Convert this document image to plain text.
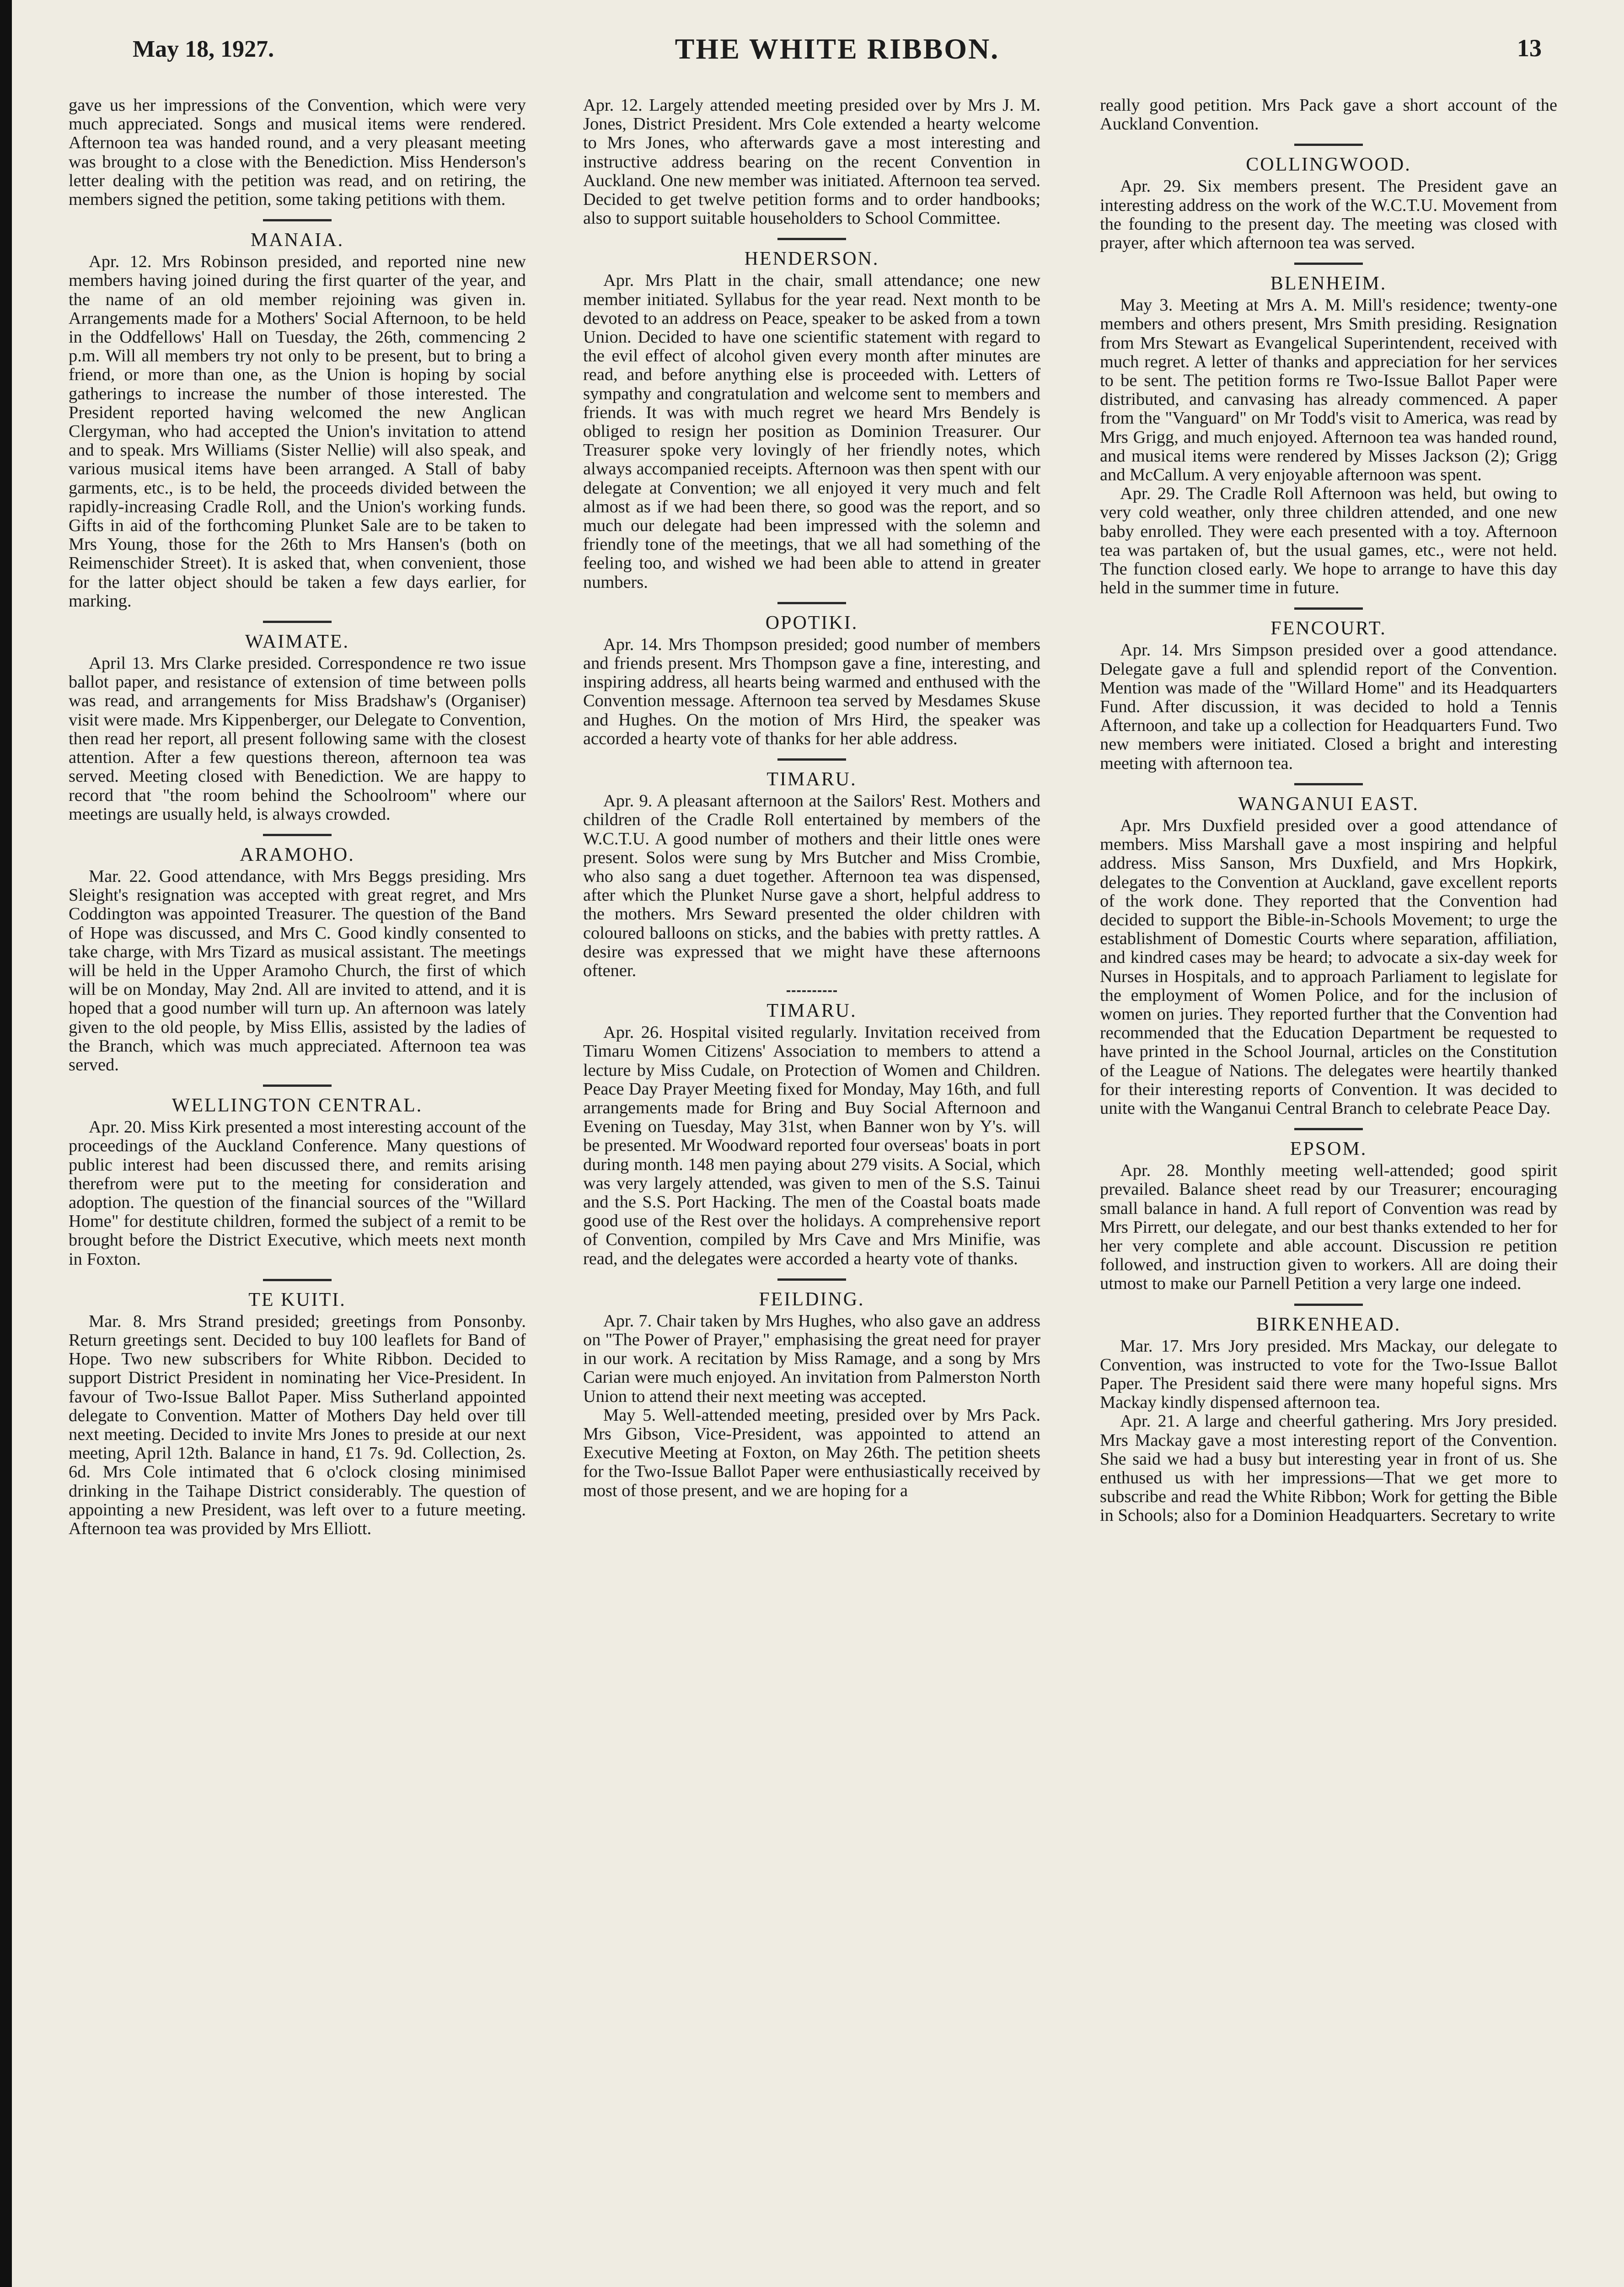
May 18, 1927.	THE WHITE RIBBON.	13

gave us her impressions of the Convention, which were very much appreciated. Songs and musical items were rendered. Afternoon tea was handed round, and a very pleasant meeting was brought to a close with the Benediction. Miss Henderson's letter dealing with the petition was read, and on retiring, the members signed the petition, some taking petitions with them.

MANAIA.

Apr. 12. Mrs Robinson presided, and reported nine new members having joined during the first quarter of the year, and the name of an old member rejoining was given in. Arrangements made for a Mothers' Social Afternoon, to be held in the Oddfellows' Hall on Tuesday, the 26th, commencing 2 p.m. Will all members try not only to be present, but to bring a friend, or more than one, as the Union is hoping by social gatherings to increase the number of those interested. The President reported having welcomed the new Anglican Clergyman, who had accepted the Union's invitation to attend and to speak. Mrs Williams (Sister Nellie) will also speak, and various musical items have been arranged. A Stall of baby garments, etc., is to be held, the proceeds divided between the rapidly-increasing Cradle Roll, and the Union's working funds. Gifts in aid of the forthcoming Plunket Sale are to be taken to Mrs Young, those for the 26th to Mrs Hansen's (both on Reimenschider Street). It is asked that, when convenient, those for the latter object should be taken a few days earlier, for marking.

WAIMATE.

April 13. Mrs Clarke presided. Correspondence re two issue ballot paper, and resistance of extension of time between polls was read, and arrangements for Miss Bradshaw's (Organiser) visit were made. Mrs Kippenberger, our Delegate to Convention, then read her report, all present following same with the closest attention. After a few questions thereon, afternoon tea was served. Meeting closed with Benediction. We are happy to record that "the room behind the Schoolroom" where our meetings are usually held, is always crowded.

ARAMOHO.

Mar. 22. Good attendance, with Mrs Beggs presiding. Mrs Sleight's resignation was accepted with great regret, and Mrs Coddington was appointed Treasurer. The question of the Band of Hope was discussed, and Mrs C. Good kindly consented to take charge, with Mrs Tizard as musical assistant. The meetings will be held in the Upper Aramoho Church, the first of which will be on Monday, May 2nd. All are invited to attend, and it is hoped that a good number will turn up. An afternoon was lately given to the old people, by Miss Ellis, assisted by the ladies of the Branch, which was much appreciated. Afternoon tea was served.

WELLINGTON CENTRAL.

Apr. 20. Miss Kirk presented a most interesting account of the proceedings of the Auckland Conference. Many questions of public interest had been discussed there, and remits arising therefrom were put to the meeting for consideration and adoption. The question of the financial sources of the "Willard Home" for destitute children, formed the subject of a remit to be brought before the District Executive, which meets next month in Foxton.

TE KUITI.

Mar. 8. Mrs Strand presided; greetings from Ponsonby. Return greetings sent. Decided to buy 100 leaflets for Band of Hope. Two new subscribers for White Ribbon. Decided to support District President in nominating her Vice-President. In favour of Two-Issue Ballot Paper. Miss Sutherland appointed delegate to Convention. Matter of Mothers Day held over till next meeting. Decided to invite Mrs Jones to preside at our next meeting, April 12th. Balance in hand, £1 7s. 9d. Collection, 2s. 6d. Mrs Cole intimated that 6 o'clock closing minimised drinking in the Taihape District considerably. The question of appointing a new President, was left over to a future meeting. Afternoon tea was provided by Mrs Elliott.

Apr. 12. Largely attended meeting presided over by Mrs J. M. Jones, District President. Mrs Cole extended a hearty welcome to Mrs Jones, who afterwards gave a most interesting and instructive address bearing on the recent Convention in Auckland. One new member was initiated. Afternoon tea served. Decided to get twelve petition forms and to order handbooks; also to support suitable householders to School Committee.

HENDERSON.

Apr. Mrs Platt in the chair, small attendance; one new member initiated. Syllabus for the year read. Next month to be devoted to an address on Peace, speaker to be asked from a town Union. Decided to have one scientific statement with regard to the evil effect of alcohol given every month after minutes are read, and before anything else is proceeded with. Letters of sympathy and congratulation and welcome sent to members and friends. It was with much regret we heard Mrs Bendely is obliged to resign her position as Dominion Treasurer. Our Treasurer spoke very lovingly of her friendly notes, which always accompanied receipts. Afternoon was then spent with our delegate at Convention; we all enjoyed it very much and felt almost as if we had been there, so good was the report, and so much our delegate had been impressed with the solemn and friendly tone of the meetings, that we all had something of the feeling too, and wished we had been able to attend in greater numbers.

OPOTIKI.

Apr. 14. Mrs Thompson presided; good number of members and friends present. Mrs Thompson gave a fine, interesting, and inspiring address, all hearts being warmed and enthused with the Convention message. Afternoon tea served by Mesdames Skuse and Hughes. On the motion of Mrs Hird, the speaker was accorded a hearty vote of thanks for her able address.

TIMARU.

Apr. 9. A pleasant afternoon at the Sailors' Rest. Mothers and children of the Cradle Roll entertained by members of the W.C.T.U. A good number of mothers and their little ones were present. Solos were sung by Mrs Butcher and Miss Crombie, who also sang a duet together. Afternoon tea was dispensed, after which the Plunket Nurse gave a short, helpful address to the mothers. Mrs Seward presented the older children with coloured balloons on sticks, and the babies with pretty rattles. A desire was expressed that we might have these afternoons oftener.

TIMARU.

Apr. 26. Hospital visited regularly. Invitation received from Timaru Women Citizens' Association to members to attend a lecture by Miss Cudale, on Protection of Women and Children. Peace Day Prayer Meeting fixed for Monday, May 16th, and full arrangements made for Bring and Buy Social Afternoon and Evening on Tuesday, May 31st, when Banner won by Y's. will be presented. Mr Woodward reported four overseas' boats in port during month. 148 men paying about 279 visits. A Social, which was very largely attended, was given to men of the S.S. Tainui and the S.S. Port Hacking. The men of the Coastal boats made good use of the Rest over the holidays. A comprehensive report of Convention, compiled by Mrs Cave and Mrs Minifie, was read, and the delegates were accorded a hearty vote of thanks.

FEILDING.

Apr. 7. Chair taken by Mrs Hughes, who also gave an address on "The Power of Prayer," emphasising the great need for prayer in our work. A recitation by Miss Ramage, and a song by Mrs Carian were much enjoyed. An invitation from Palmerston North Union to attend their next meeting was accepted.

May 5. Well-attended meeting, presided over by Mrs Pack. Mrs Gibson, Vice-President, was appointed to attend an Executive Meeting at Foxton, on May 26th. The petition sheets for the Two-Issue Ballot Paper were enthusiastically received by most of those present, and we are hoping for a

really good petition. Mrs Pack gave a short account of the Auckland Convention.

COLLINGWOOD.

Apr. 29. Six members present. The President gave an interesting address on the work of the W.C.T.U. Movement from the founding to the present day. The meeting was closed with prayer, after which afternoon tea was served.

BLENHEIM.

May 3. Meeting at Mrs A. M. Mill's residence; twenty-one members and others present, Mrs Smith presiding. Resignation from Mrs Stewart as Evangelical Superintendent, received with much regret. A letter of thanks and appreciation for her services to be sent. The petition forms re Two-Issue Ballot Paper were distributed, and canvasing has already commenced. A paper from the "Vanguard" on Mr Todd's visit to America, was read by Mrs Grigg, and much enjoyed. Afternoon tea was handed round, and musical items were rendered by Misses Jackson (2); Grigg and McCallum. A very enjoyable afternoon was spent.

Apr. 29. The Cradle Roll Afternoon was held, but owing to very cold weather, only three children attended, and one new baby enrolled. They were each presented with a toy. Afternoon tea was partaken of, but the usual games, etc., were not held. The function closed early. We hope to arrange to have this day held in the summer time in future.

FENCOURT.

Apr. 14. Mrs Simpson presided over a good attendance. Delegate gave a full and splendid report of the Convention. Mention was made of the "Willard Home" and its Headquarters Fund. After discussion, it was decided to hold a Tennis Afternoon, and take up a collection for Headquarters Fund. Two new members were initiated. Closed a bright and interesting meeting with afternoon tea.

WANGANUI EAST.

Apr. Mrs Duxfield presided over a good attendance of members. Miss Marshall gave a most inspiring and helpful address. Miss Sanson, Mrs Duxfield, and Mrs Hopkirk, delegates to the Convention at Auckland, gave excellent reports of the work done. They reported that the Convention had decided to support the Bible-in-Schools Movement; to urge the establishment of Domestic Courts where separation, affiliation, and kindred cases may be heard; to advocate a six-day week for Nurses in Hospitals, and to approach Parliament to legislate for the employment of Women Police, and for the inclusion of women on juries. They reported further that the Convention had recommended that the Education Department be requested to have printed in the School Journal, articles on the Constitution of the League of Nations. The delegates were heartily thanked for their interesting reports of Convention. It was decided to unite with the Wanganui Central Branch to celebrate Peace Day.

EPSOM.

Apr. 28. Monthly meeting well-attended; good spirit prevailed. Balance sheet read by our Treasurer; encouraging small balance in hand. A full report of Convention was read by Mrs Pirrett, our delegate, and our best thanks extended to her for her very complete and able account. Discussion re petition followed, and instruction given to workers. All are doing their utmost to make our Parnell Petition a very large one indeed.

BIRKENHEAD.

Mar. 17. Mrs Jory presided. Mrs Mackay, our delegate to Convention, was instructed to vote for the Two-Issue Ballot Paper. The President said there were many hopeful signs. Mrs Mackay kindly dispensed afternoon tea.

Apr. 21. A large and cheerful gathering. Mrs Jory presided. Mrs Mackay gave a most interesting report of the Convention. She said we had a busy but interesting year in front of us. She enthused us with her impressions—That we get more to subscribe and read the White Ribbon; Work for getting the Bible in Schools; also for a Dominion Headquarters. Secretary to write
